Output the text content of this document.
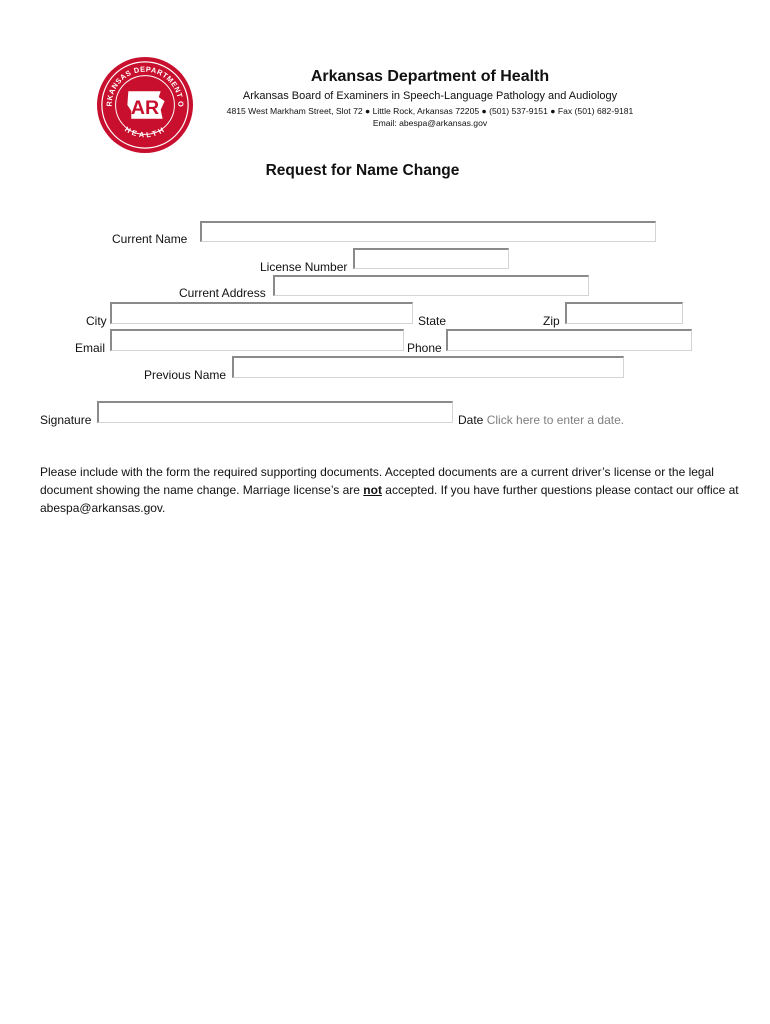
RKANSAS DEPARTMENT O
HEALTH
AR
Arkansas Department of Health
Arkansas Board of Examiners in Speech-Language Pathology and Audiology
4815 West Markham Street, Slot 72 ● Little Rock, Arkansas 72205 ● (501) 537-9151 ● Fax (501) 682-9181
Email: abespa@arkansas.gov
Request for Name Change
Current Name
License Number
Current Address
City	State	Zip
Email	Phone
Previous Name
Signature	Date Click here to enter a date.
Please include with the form the required supporting documents. Accepted documents are a current driver’s license or the legal document showing the name change. Marriage license’s are not accepted. If you have further questions please contact our office at abespa@arkansas.gov.
